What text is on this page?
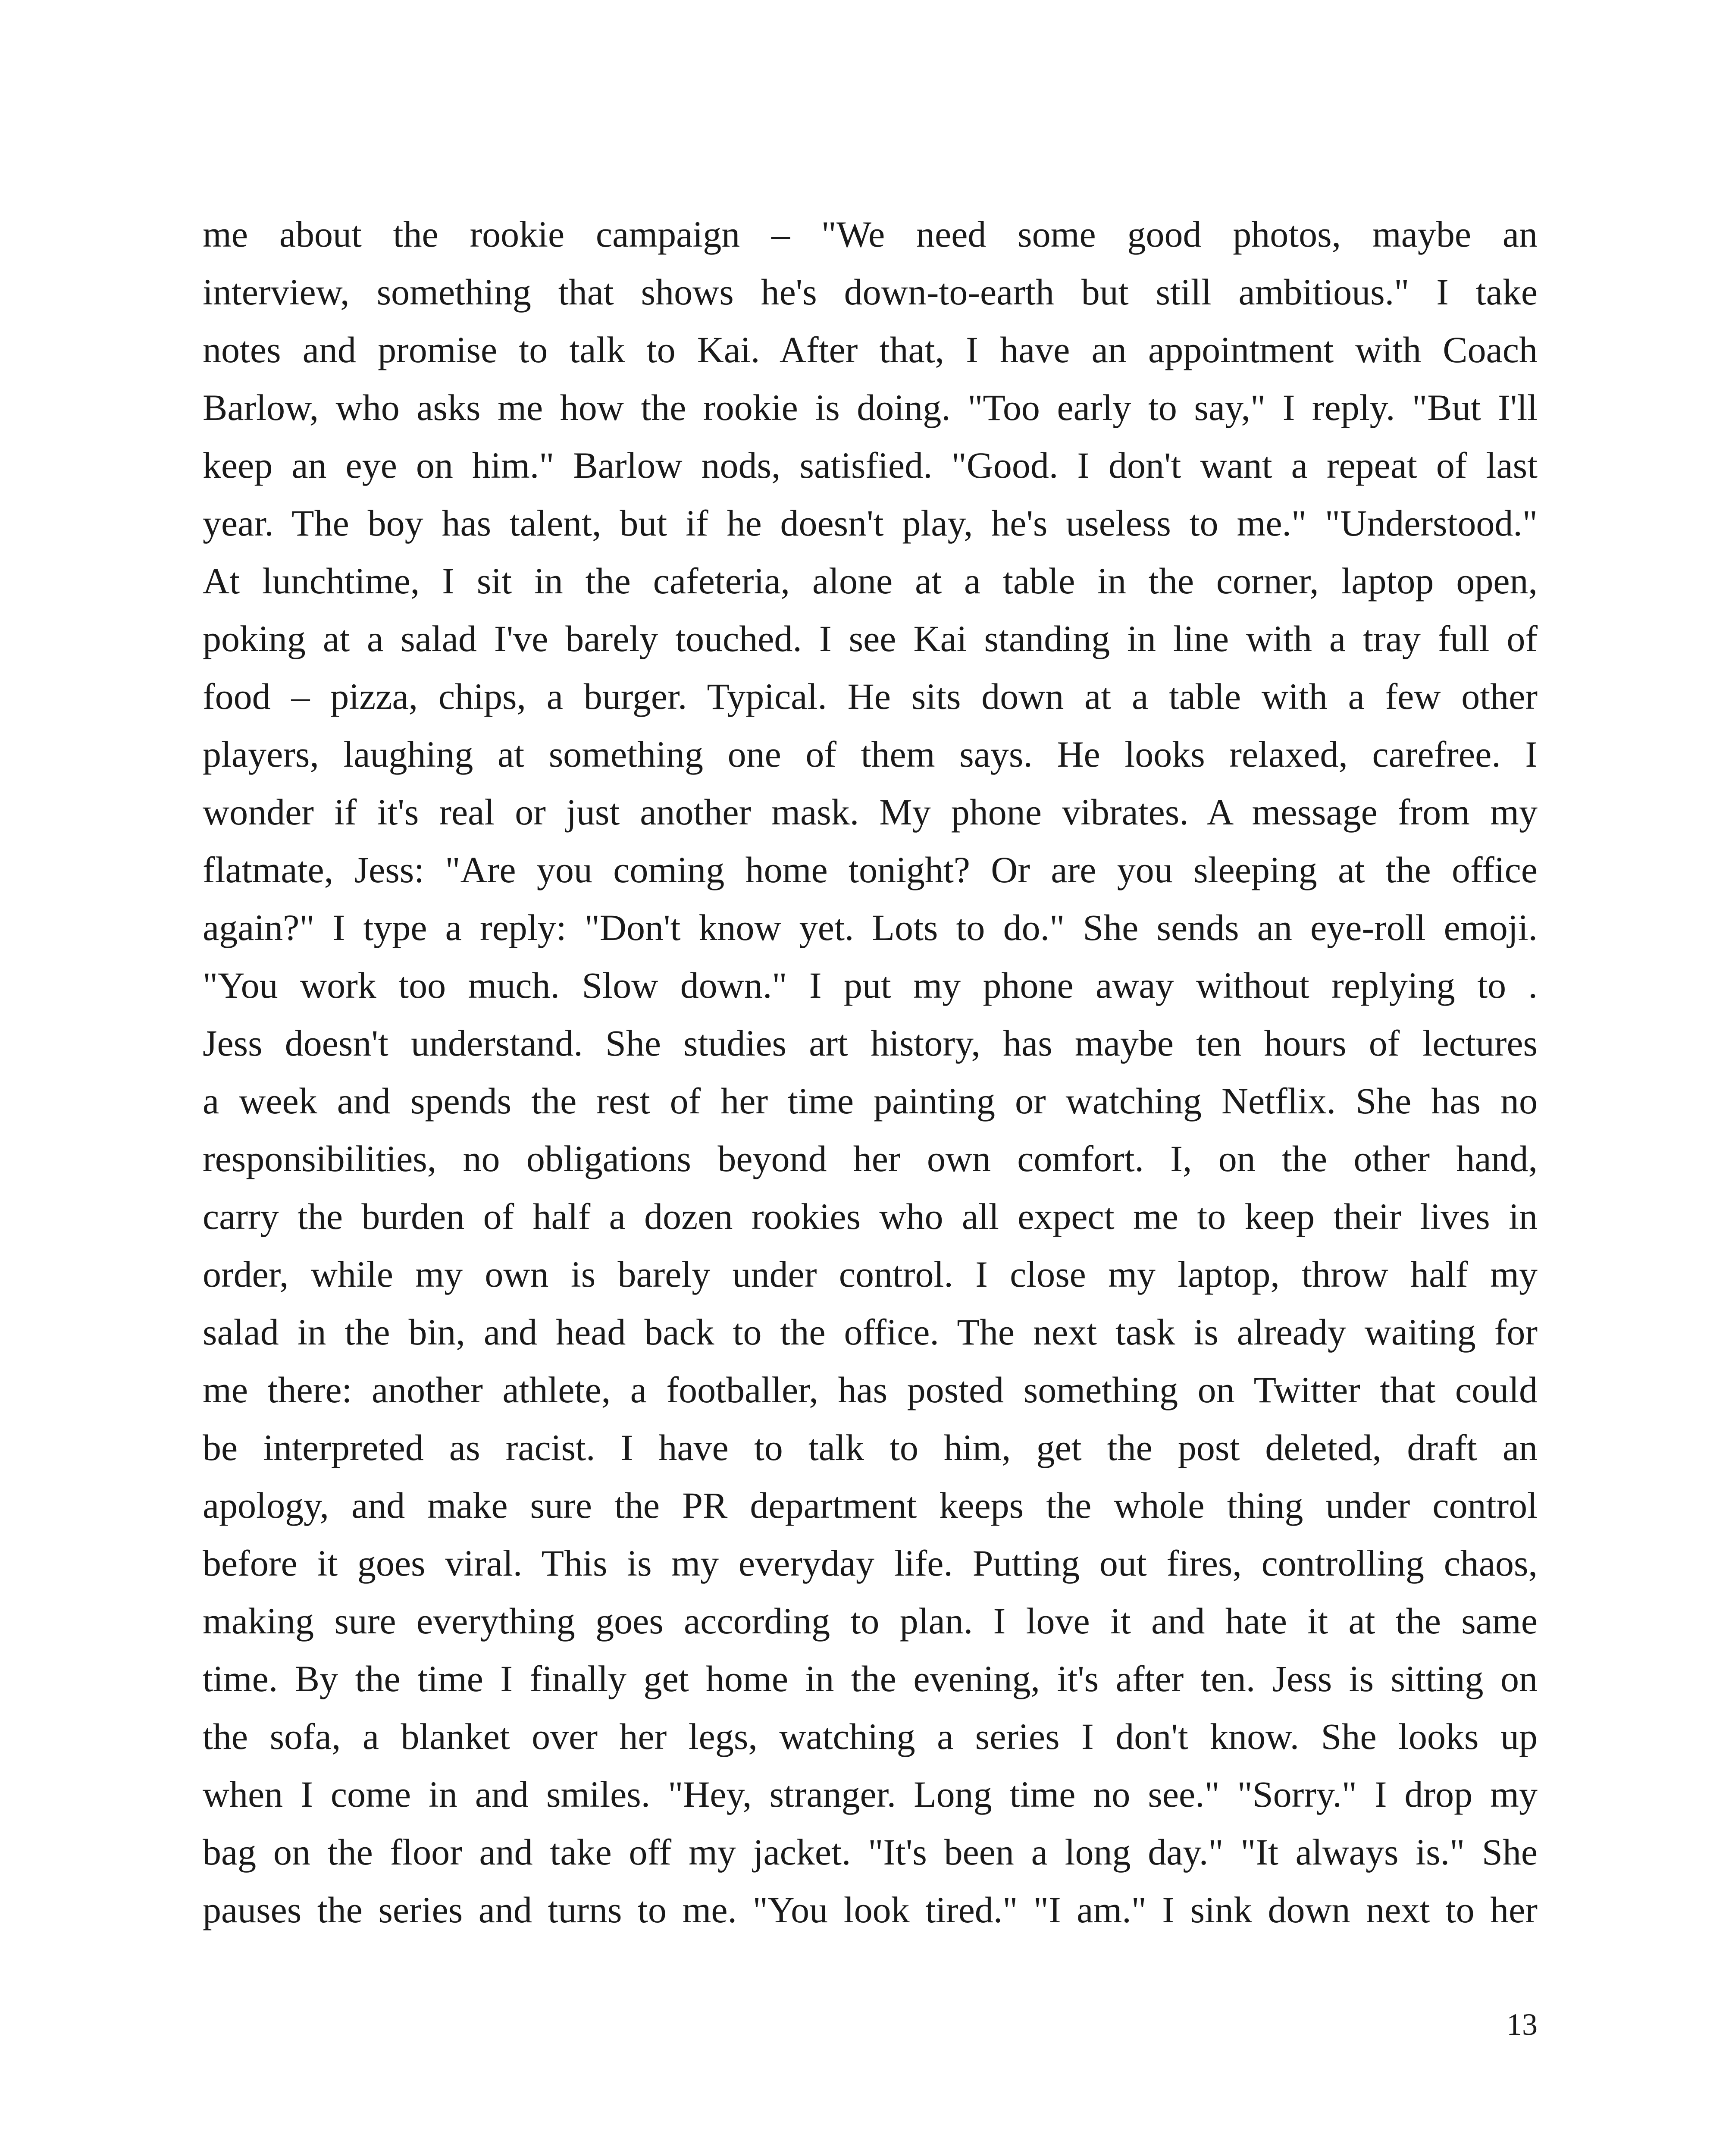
me about the rookie campaign – "We need some good photos, maybe an
interview, something that shows he's down-to-earth but still ambitious." I take
notes and promise to talk to Kai. After that, I have an appointment with Coach
Barlow, who asks me how the rookie is doing. "Too early to say," I reply. "But I'll
keep an eye on him." Barlow nods, satisfied. "Good. I don't want a repeat of last
year. The boy has talent, but if he doesn't play, he's useless to me." "Understood."
At lunchtime, I sit in the cafeteria, alone at a table in the corner, laptop open,
poking at a salad I've barely touched. I see Kai standing in line with a tray full of
food – pizza, chips, a burger. Typical. He sits down at a table with a few other
players, laughing at something one of them says. He looks relaxed, carefree. I
wonder if it's real or just another mask. My phone vibrates. A message from my
flatmate, Jess: "Are you coming home tonight? Or are you sleeping at the office
again?" I type a reply: "Don't know yet. Lots to do." She sends an eye-roll emoji.
"You work too much. Slow down." I put my phone away without replying to .
Jess doesn't understand. She studies art history, has maybe ten hours of lectures
a week and spends the rest of her time painting or watching Netflix. She has no
responsibilities, no obligations beyond her own comfort. I, on the other hand,
carry the burden of half a dozen rookies who all expect me to keep their lives in
order, while my own is barely under control. I close my laptop, throw half my
salad in the bin, and head back to the office. The next task is already waiting for
me there: another athlete, a footballer, has posted something on Twitter that could
be interpreted as racist. I have to talk to him, get the post deleted, draft an
apology, and make sure the PR department keeps the whole thing under control
before it goes viral. This is my everyday life. Putting out fires, controlling chaos,
making sure everything goes according to plan. I love it and hate it at the same
time. By the time I finally get home in the evening, it's after ten. Jess is sitting on
the sofa, a blanket over her legs, watching a series I don't know. She looks up
when I come in and smiles. "Hey, stranger. Long time no see." "Sorry." I drop my
bag on the floor and take off my jacket. "It's been a long day." "It always is." She
pauses the series and turns to me. "You look tired." "I am." I sink down next to her
13
